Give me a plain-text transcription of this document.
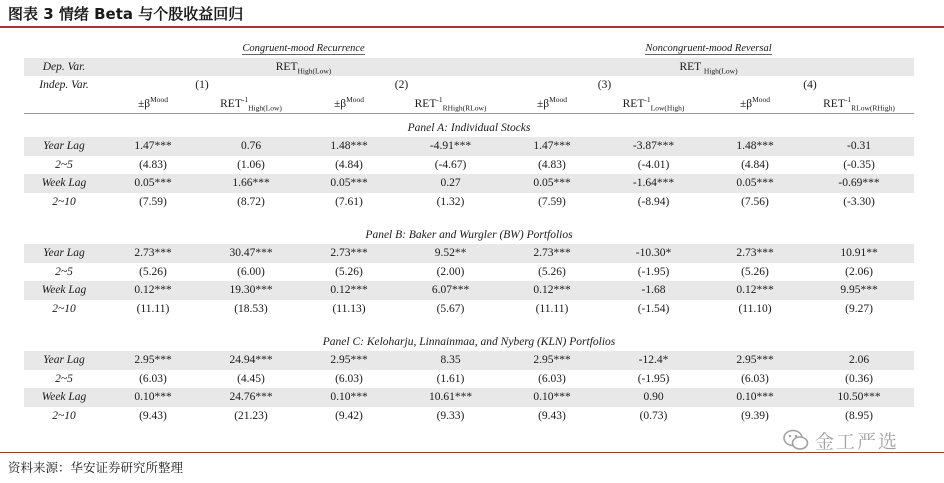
图表 3 情绪 Beta 与个股收益回归
	Congruent-mood Recurrence				Noncongruent-mood Reversal			
Dep. Var.	$RET_{High(Low)}$				RET $_{High(Low)}$
Indep. Var.	(1)		(2)		(3)		(4)	
	$\pm\beta^{Mood}$	$RET^{-1}_{High(Low)}$	$\pm\beta^{Mood}$	$RET^{-1}_{RHigh(RLow)}$	$\pm\beta^{Mood}$	$RET^{-1}_{Low(High)}$	$\pm\beta^{Mood}$	$RET^{-1}_{RLow(RHigh)}$
Panel A: Individual Stocks								
Year Lag	1.47***	0.76	1.48***	-4.91***	1.47***	-3.87***	1.48***	-0.31
2~5	(4.83)	(1.06)	(4.84)	(-4.67)	(4.83)	(-4.01)	(4.84)	(-0.35)
Week Lag	0.05***	1.66***	0.05***	0.27	0.05***	-1.64***	0.05***	-0.69***
2~10	(7.59)	(8.72)	(7.61)	(1.32)	(7.59)	(-8.94)	(7.56)	(-3.30)
Panel B: Baker and Wurgler (BW) Portfolios								
Year Lag	2.73***	30.47***	2.73***	9.52**	2.73***	-10.30*	2.73***	10.91**
2~5	(5.26)	(6.00)	(5.26)	(2.00)	(5.26)	(-1.95)	(5.26)	(2.06)
Week Lag	0.12***	19.30***	0.12***	6.07***	0.12***	-1.68	0.12***	9.95***
2~10	(11.11)	(18.53)	(11.13)	(5.67)	(11.11)	(-1.54)	(11.10)	(9.27)
Panel C: Keloharju, Linnainmaa, and Nyberg (KLN) Portfolios								
Year Lag	2.95***	24.94***	2.95***	8.35	2.95***	-12.4*	2.95***	2.06
2~5	(6.03)	(4.45)	(6.03)	(1.61)	(6.03)	(-1.95)	(6.03)	(0.36)
Week Lag	0.10***	24.76***	0.10***	10.61***	0.10***	0.90	0.10***	10.50***
2~10	(9.43)	(21.23)	(9.42)	(9.33)	(9.43)	(0.73)	(9.39)	(8.95)
资料来源：华安证券研究所整理
金工严选
